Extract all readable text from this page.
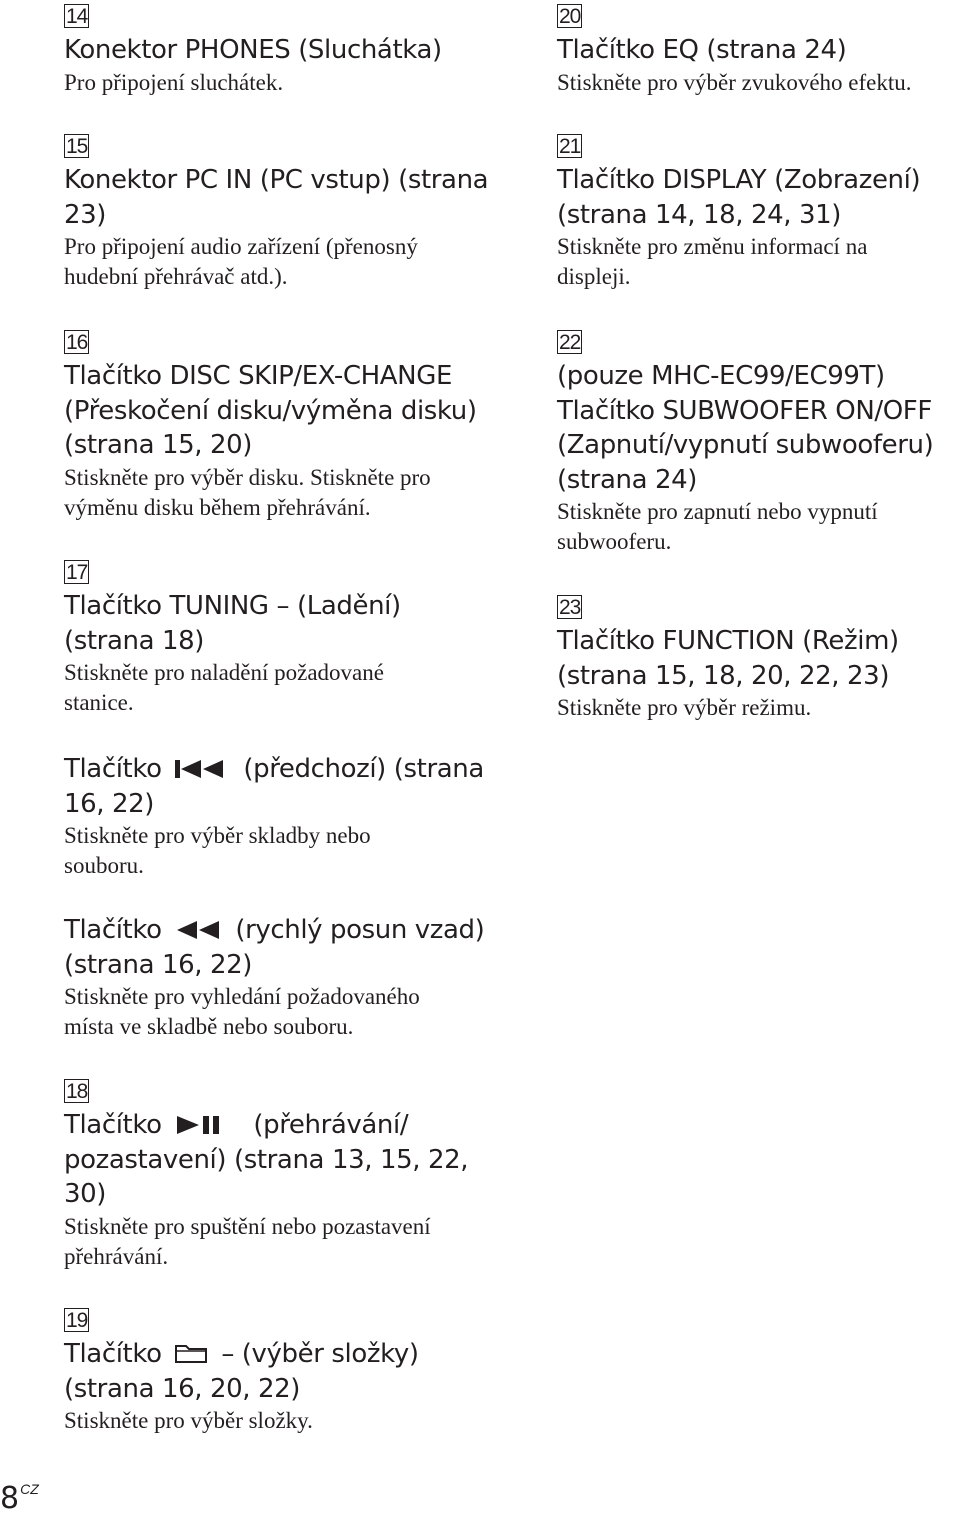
14

Konektor PHONES (Sluchátka)

Pro připojení sluchátek.

15

Konektor PC IN (PC vstup) (strana

23)

Pro připojení audio zařízení (přenosný

hudební přehrávač atd.).

16

Tlačítko DISC SKIP/EX-CHANGE

(Přeskočení disku/výměna disku)

(strana 15, 20)

Stiskněte pro výběr disku. Stiskněte pro

výměnu disku během přehrávání.

17

Tlačítko TUNING – (Ladění)

(strana 18)

Stiskněte pro naladění požadované

stanice.

Tlačítko	(předchozí) (strana

16, 22)

Stiskněte pro výběr skladby nebo

souboru.

Tlačítko	(rychlý posun vzad)

(strana 16, 22)

Stiskněte pro vyhledání požadovaného

místa ve skladbě nebo souboru.

18

Tlačítko	(přehrávání/

pozastavení) (strana 13, 15, 22,

30)

Stiskněte pro spuštění nebo pozastavení

přehrávání.

19

Tlačítko – (výběr složky)

(strana 16, 20, 22)

Stiskněte pro výběr složky.

20

Tlačítko EQ (strana 24)

Stiskněte pro výběr zvukového efektu.

21

Tlačítko DISPLAY (Zobrazení)

(strana 14, 18, 24, 31)

Stiskněte pro změnu informací na

displeji.

22

(pouze MHC-EC99/EC99T)

Tlačítko SUBWOOFER ON/OFF

(Zapnutí/vypnutí subwooferu)

(strana 24)

Stiskněte pro zapnutí nebo vypnutí

subwooferu.

23

Tlačítko FUNCTION (Režim)

(strana 15, 18, 20, 22, 23)

Stiskněte pro výběr režimu.

$8^{CZ}$
